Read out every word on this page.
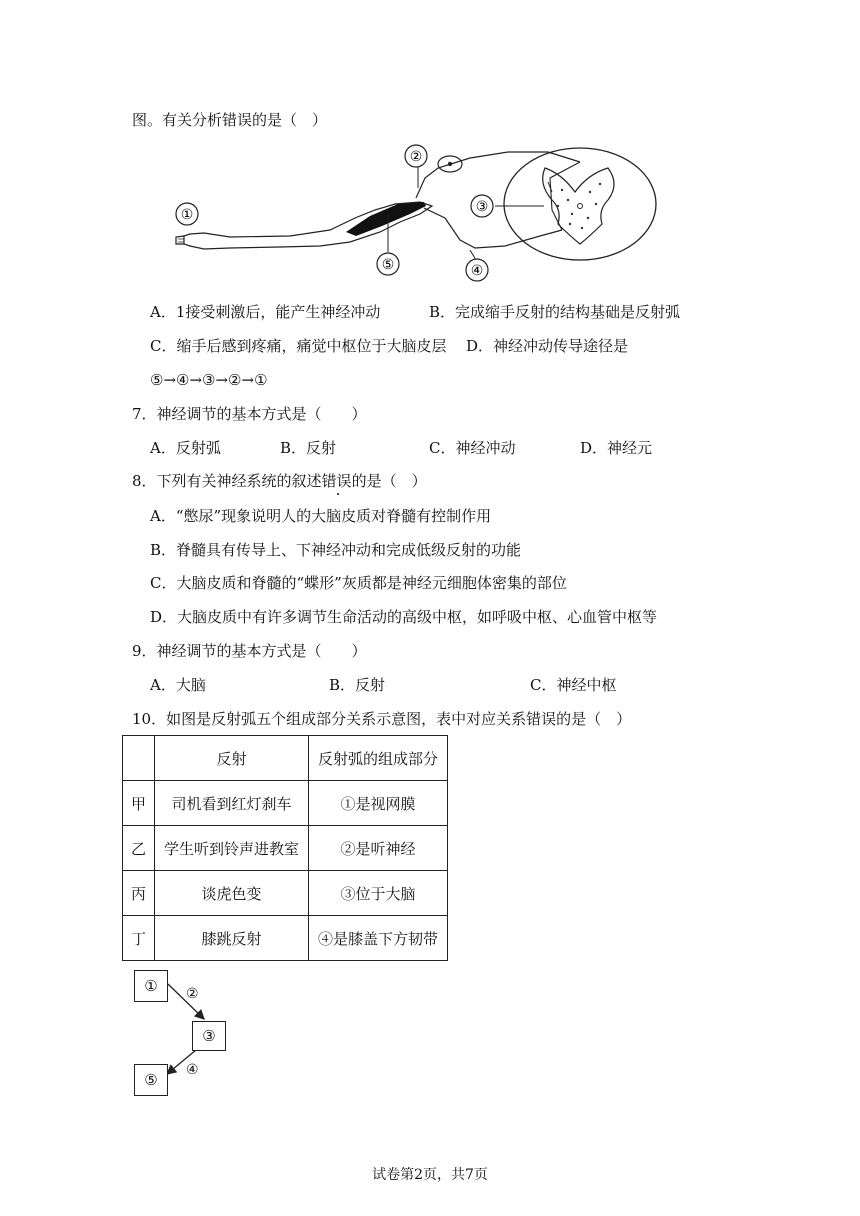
图。有关分析错误的是（　）
①
②
③
④
⑤
A．1接受刺激后，能产生神经冲动	B．完成缩手反射的结构基础是反射弧
C．缩手后感到疼痛，痛觉中枢位于大脑皮层 D．神经冲动传导途径是
⑤→④→③→②→①
7．神经调节的基本方式是（　　）
A．反射弧	B．反射	C．神经冲动	D．神经元
8．下列有关神经系统的叙述错误的是（　）
A．“憋尿”现象说明人的大脑皮质对脊髓有控制作用
B．脊髓具有传导上、下神经冲动和完成低级反射的功能
C．大脑皮质和脊髓的“蝶形”灰质都是神经元细胞体密集的部位
D．大脑皮质中有许多调节生命活动的高级中枢，如呼吸中枢、心血管中枢等
9．神经调节的基本方式是（　　）
A．大脑	B．反射	C．神经中枢
10．如图是反射弧五个组成部分关系示意图，表中对应关系错误的是（　）
	反射	反射弧的组成部分
甲	司机看到红灯刹车	①是视网膜
乙	学生听到铃声进教室	②是听神经
丙	谈虎色变	③位于大脑
丁	膝跳反射	④是膝盖下方韧带
①	②
③
④
⑤
试卷第2页，共7页
